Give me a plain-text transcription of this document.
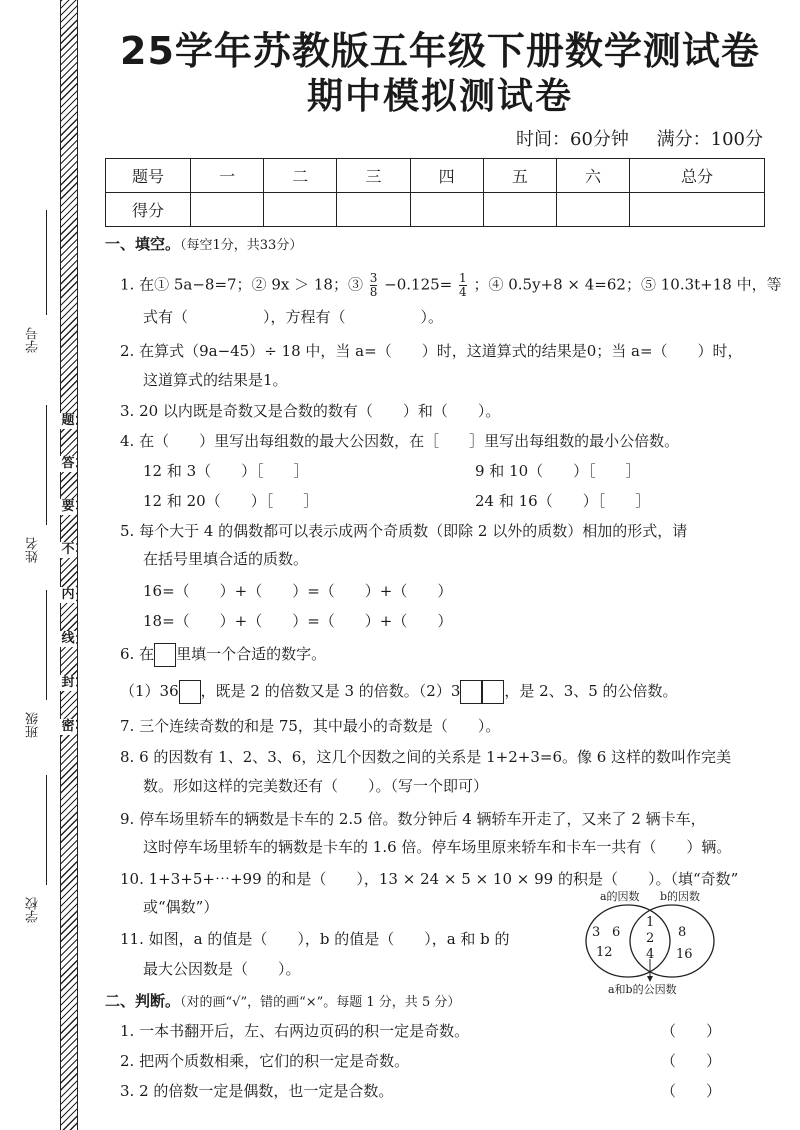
学号
姓名
班级
学校
题
答
要
不
内
线
封
密
25学年苏教版五年级下册数学测试卷
期中模拟测试卷
时间：60分钟 满分：100分
题号	一	二	三	四	五	六	总分
得分							
一、填空。（每空1分，共33分）
1. 在① 5a−8=7；② 9x ＞ 18；③ $\frac{3}{8} -0.125= \frac{1}{4}$ ；④ 0.5y+8 × 4=62；⑤ 10.3t+18 中，等
式有（　　　　　），方程有（　　　　　）。
2. 在算式（9a−45）÷ 18 中，当 a=（　　）时，这道算式的结果是0；当 a=（　　）时，
这道算式的结果是1。
3. 20 以内既是奇数又是合数的数有（　　）和（　　）。
4. 在（　　）里写出每组数的最大公因数，在［　　］里写出每组数的最小公倍数。
12 和 3（　　）［　　］	9 和 10（　　）［　　］
12 和 20（　　）［　　］	24 和 16（　　）［　　］
5. 每个大于 4 的偶数都可以表示成两个奇质数（即除 2 以外的质数）相加的形式，请
在括号里填合适的质数。
16=（　　）+（　　）=（　　）+（　　）
18=（　　）+（　　）=（　　）+（　　）
6. 在 里填一个合适的数字。
（1）36 ，既是 2 的倍数又是 3 的倍数。（2）3	，是 2、3、5 的公倍数。
7. 三个连续奇数的和是 75，其中最小的奇数是（　　）。
8. 6 的因数有 1、2、3、6，这几个因数之间的关系是 1+2+3=6。像 6 这样的数叫作完美
数。形如这样的完美数还有（　　）。（写一个即可）
9. 停车场里轿车的辆数是卡车的 2.5 倍。数分钟后 4 辆轿车开走了，又来了 2 辆卡车，
这时停车场里轿车的辆数是卡车的 1.6 倍。停车场里原来轿车和卡车一共有（　　）辆。
10. 1+3+5+⋯+99 的和是（　　），13 × 24 × 5 × 10 × 99 的积是（　　）。（填“奇数”
或“偶数”）
11. 如图，a 的值是（　　），b 的值是（　　），a 和 b 的
最大公因数是（　　）。
a的因数 b的因数
3 6
12
1
2
4
8
16
a和b的公因数
二、判断。（对的画“√”，错的画“×”。每题 1 分，共 5 分）
1. 一本书翻开后，左、右两边页码的积一定是奇数。	（　　）
2. 把两个质数相乘，它们的积一定是奇数。	（　　）
3. 2 的倍数一定是偶数，也一定是合数。	（　　）
